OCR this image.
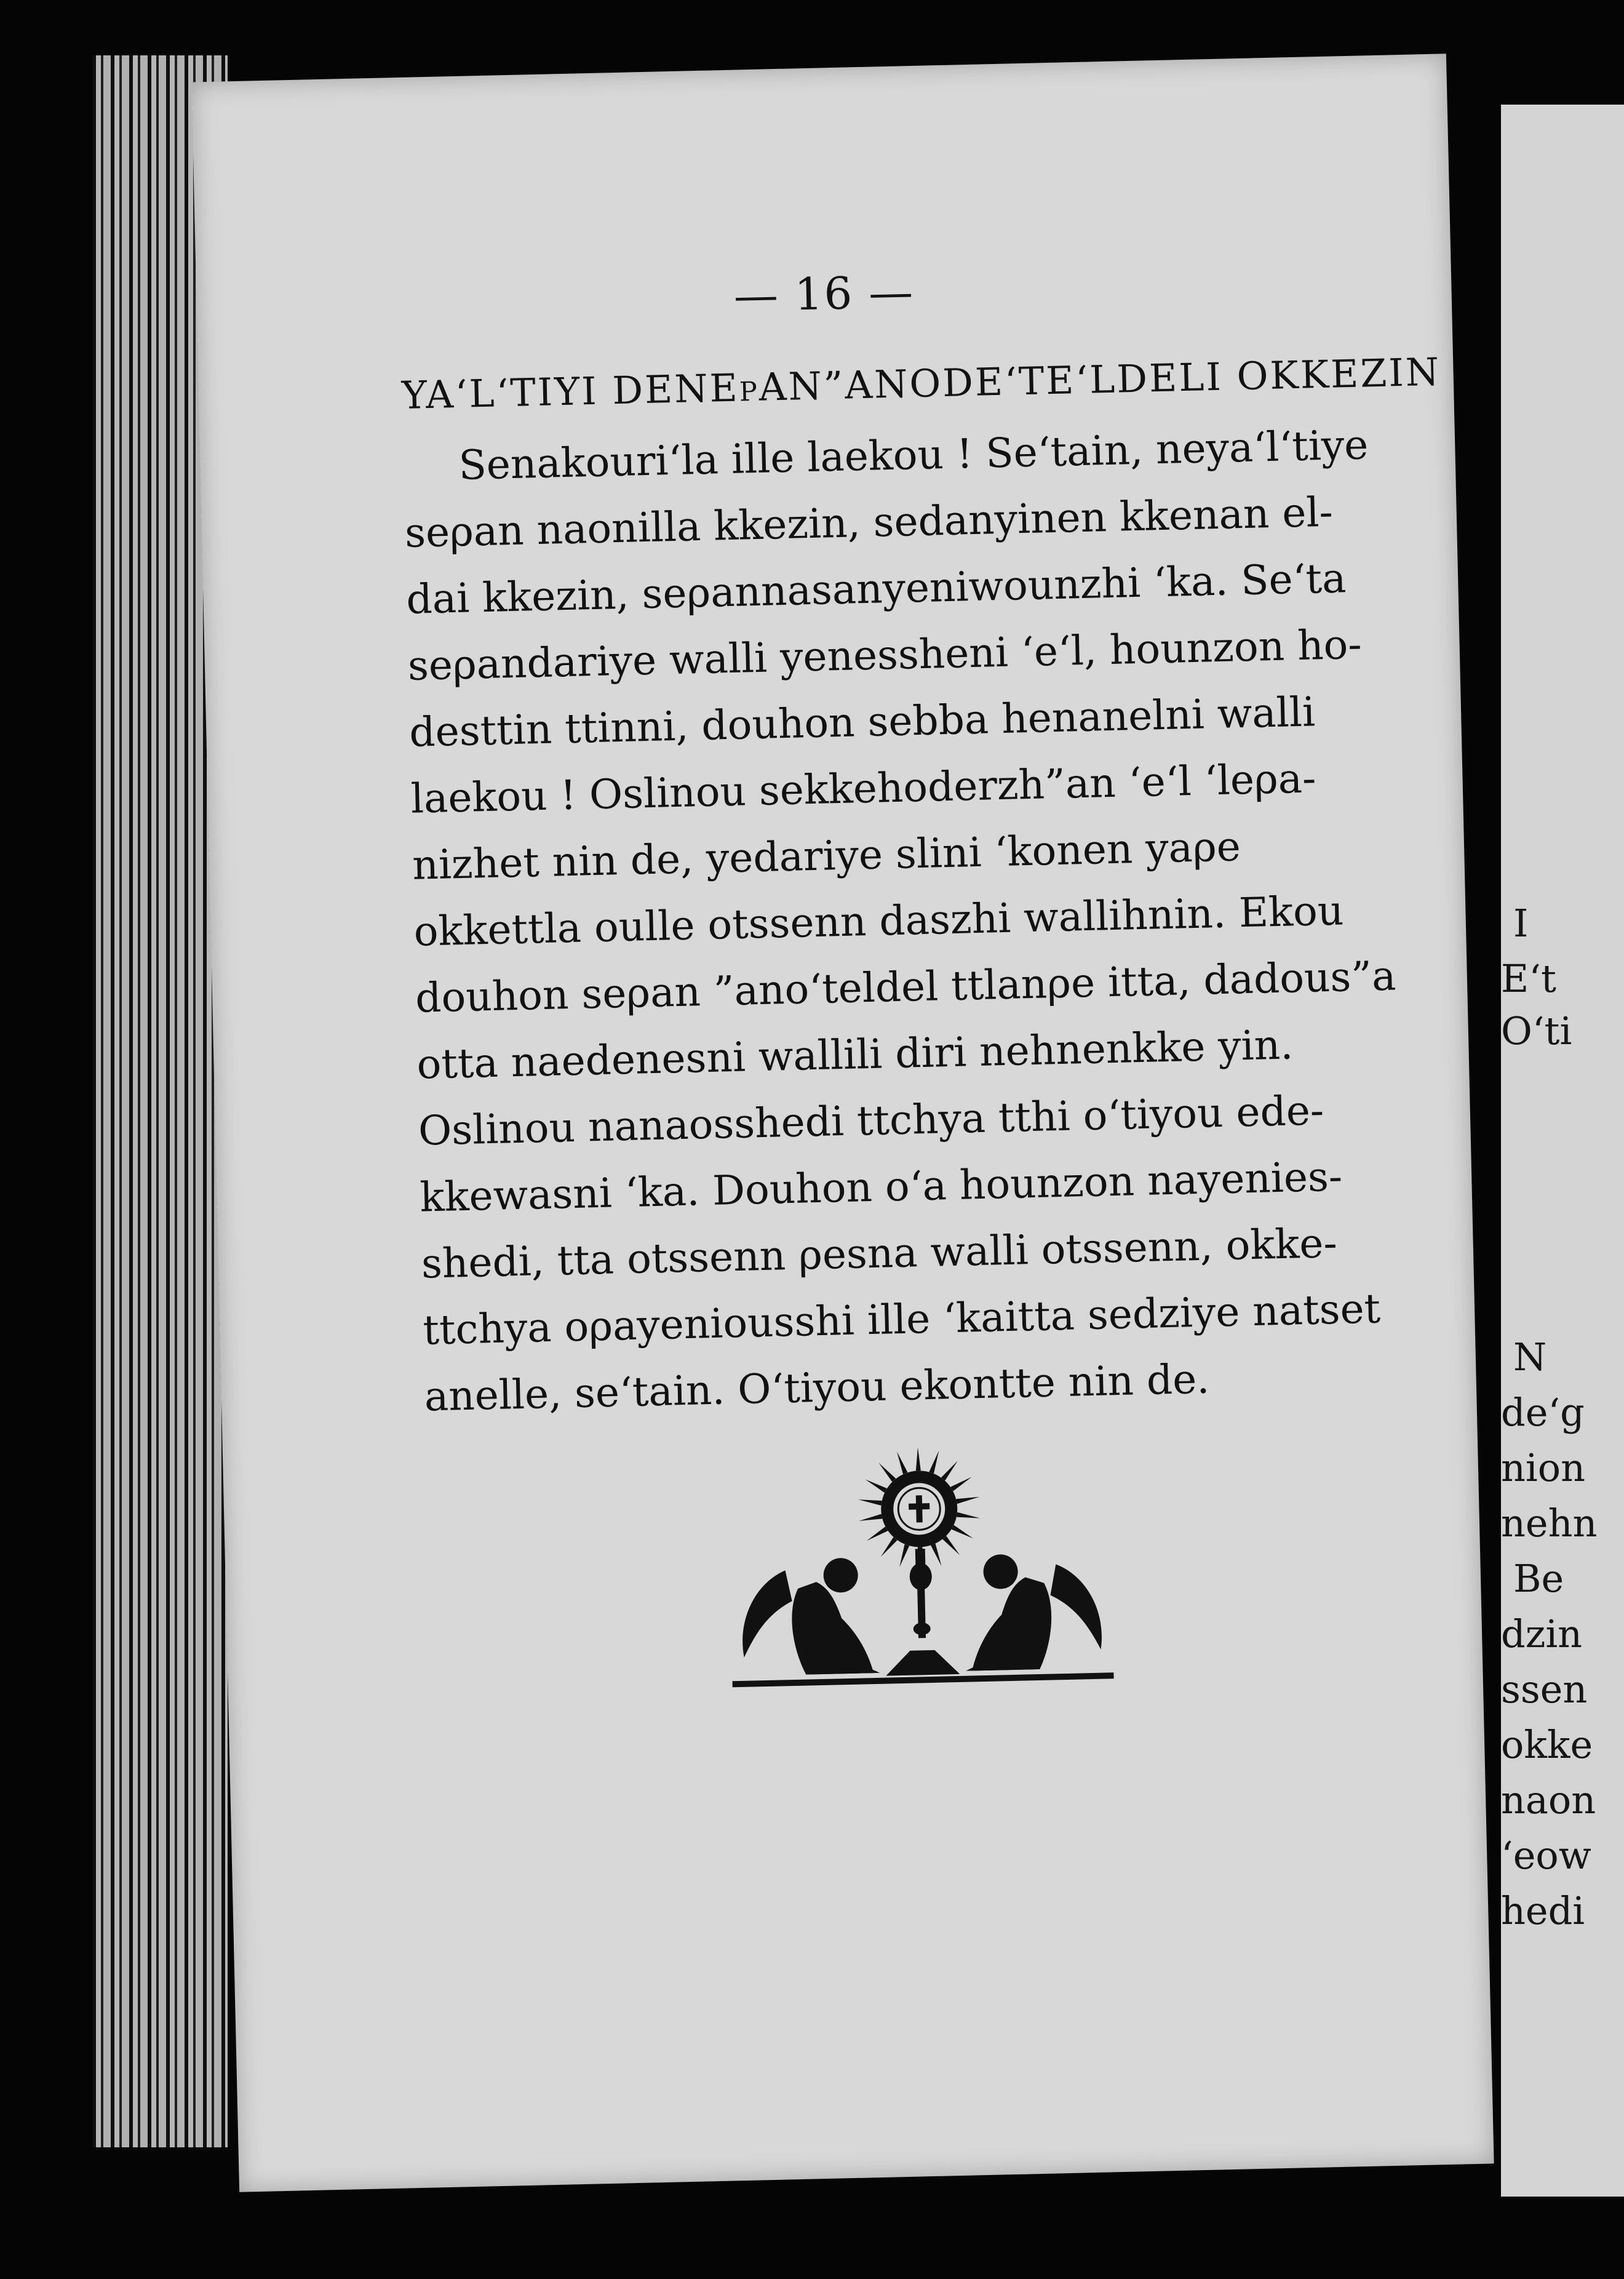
I
E‘t
O‘ti
N
de‘g
nion
nehn
Be
dzin
ssen
okke
naon
‘eow
hedi
— 16 —
YA‘L‘TIYI DENEρAN”ANODE‘TE‘LDELI OKKEZIN
Senakouri‘la ille laekou ! Se‘tain, neya‘l‘tiye
seρan naonilla kkezin, sedanyinen kkenan el-
dai kkezin, seρannasanyeniwounzhi ‘ka. Se‘ta
seρandariye walli yenessheni ‘e‘l, hounzon ho-
desttin ttinni, douhon sebba henanelni walli
laekou ! Oslinou sekkehoderzh”an ‘e‘l ‘leρa-
nizhet nin de, yedariye slini ‘konen yaρe
okkettla oulle otssenn daszhi wallihnin. Ekou
douhon seρan ”ano‘teldel ttlanρe itta, dadous”a
otta naedenesni wallili diri nehnenkke yin.
Oslinou nanaosshedi ttchya tthi o‘tiyou ede-
kkewasni ‘ka. Douhon o‘a hounzon nayenies-
shedi, tta otssenn ρesna walli otssenn, okke-
ttchya oρayeniousshi ille ‘kaitta sedziye natset
anelle, se‘tain. O‘tiyou ekontte nin de.
